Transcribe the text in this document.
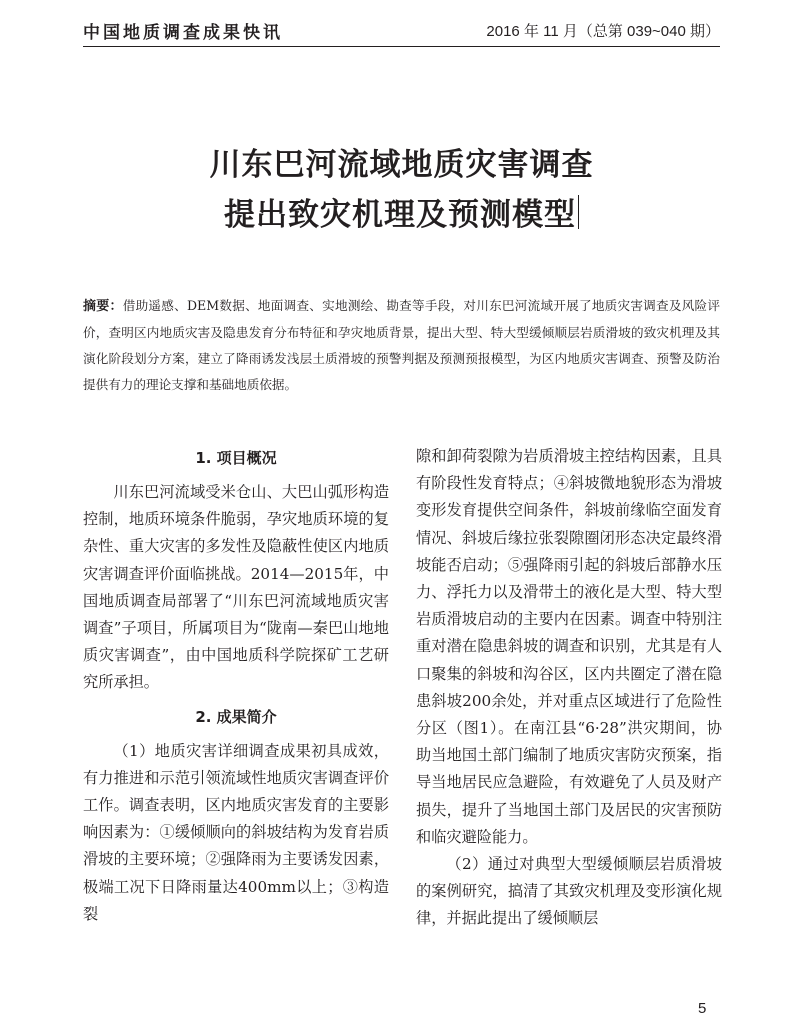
中国地质调查成果快讯	2016 年 11 月（总第 039~040 期）
川东巴河流域地质灾害调查
提出致灾机理及预测模型
摘要：借助遥感、DEM数据、地面调查、实地测绘、勘查等手段，对川东巴河流域开展了地质灾害调查及风险评价，查明区内地质灾害及隐患发育分布特征和孕灾地质背景，提出大型、特大型缓倾顺层岩质滑坡的致灾机理及其演化阶段划分方案，建立了降雨诱发浅层土质滑坡的预警判据及预测预报模型，为区内地质灾害调查、预警及防治提供有力的理论支撑和基础地质依据。
1. 项目概况

川东巴河流域受米仓山、大巴山弧形构造控制，地质环境条件脆弱，孕灾地质环境的复杂性、重大灾害的多发性及隐蔽性使区内地质灾害调查评价面临挑战。2014—2015年，中国地质调查局部署了“川东巴河流域地质灾害调查”子项目，所属项目为“陇南—秦巴山地地质灾害调查”，由中国地质科学院探矿工艺研究所承担。

2. 成果简介

（1）地质灾害详细调查成果初具成效，有力推进和示范引领流域性地质灾害调查评价工作。调查表明，区内地质灾害发育的主要影响因素为：①缓倾顺向的斜坡结构为发育岩质滑坡的主要环境；②强降雨为主要诱发因素，极端工况下日降雨量达400mm以上；③构造裂

隙和卸荷裂隙为岩质滑坡主控结构因素，且具有阶段性发育特点；④斜坡微地貌形态为滑坡变形发育提供空间条件，斜坡前缘临空面发育情况、斜坡后缘拉张裂隙圈闭形态决定最终滑坡能否启动；⑤强降雨引起的斜坡后部静水压力、浮托力以及滑带土的液化是大型、特大型岩质滑坡启动的主要内在因素。调查中特别注重对潜在隐患斜坡的调查和识别，尤其是有人口聚集的斜坡和沟谷区，区内共圈定了潜在隐患斜坡200余处，并对重点区域进行了危险性分区（图1）。在南江县“6·28”洪灾期间，协助当地国土部门编制了地质灾害防灾预案，指导当地居民应急避险，有效避免了人员及财产损失，提升了当地国土部门及居民的灾害预防和临灾避险能力。

（2）通过对典型大型缓倾顺层岩质滑坡的案例研究，搞清了其致灾机理及变形演化规律，并据此提出了缓倾顺层

5
